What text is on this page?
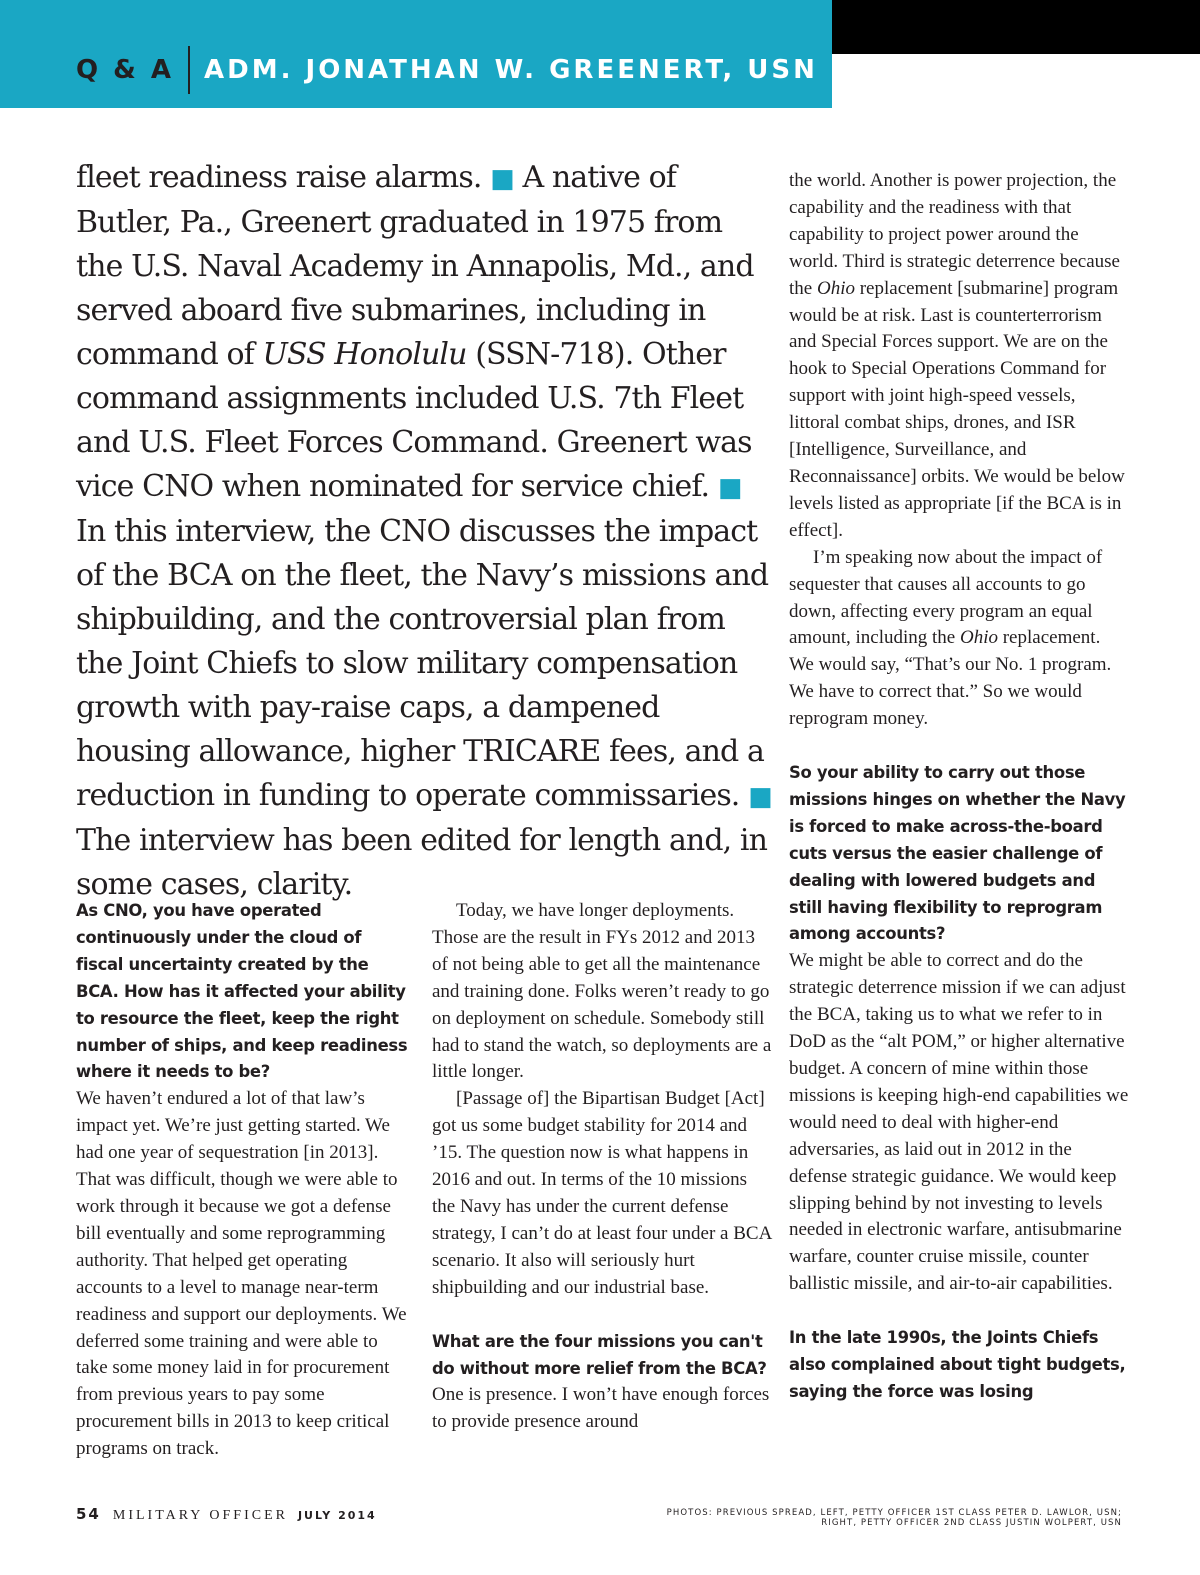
Q & A ADM. JONATHAN W. GREENERT, USN

fleet readiness raise alarms. ■ A native of Butler, Pa., Greenert graduated in 1975 from the U.S. Naval Academy in Annapolis, Md., and served aboard five submarines, including in command of USS Honolulu (SSN-718). Other command assignments included U.S. 7th Fleet and U.S. Fleet Forces Command. Greenert was vice CNO when nominated for service chief. ■ In this interview, the CNO discusses the impact of the BCA on the fleet, the Navy’s missions and shipbuilding, and the controversial plan from the Joint Chiefs to slow military compensation growth with pay-raise caps, a dampened housing allowance, higher TRICARE fees, and a reduction in funding to operate commissaries. ■ The interview has been edited for length and, in some cases, clarity.

As CNO, you have operated continuously under the cloud of fiscal uncertainty created by the BCA. How has it affected your ability to resource the fleet, keep the right number of ships, and keep readiness where it needs to be?

We haven’t endured a lot of that law’s impact yet. We’re just getting started. We had one year of sequestration [in 2013]. That was difficult, though we were able to work through it because we got a defense bill eventually and some reprogramming authority. That helped get operating accounts to a level to manage near-term readiness and support our deployments. We deferred some training and were able to take some money laid in for procurement from previous years to pay some procurement bills in 2013 to keep critical programs on track.

Today, we have longer deployments. Those are the result in FYs 2012 and 2013 of not being able to get all the maintenance and training done. Folks weren’t ready to go on deployment on schedule. Somebody still had to stand the watch, so deployments are a little longer.

[Passage of] the Bipartisan Budget [Act] got us some budget stability for 2014 and ’15. The question now is what happens in 2016 and out. In terms of the 10 missions the Navy has under the current defense strategy, I can’t do at least four under a BCA scenario. It also will seriously hurt shipbuilding and our industrial base.

What are the four missions you can't do without more relief from the BCA?

One is presence. I won’t have enough forces to provide presence around

the world. Another is power projection, the capability and the readiness with that capability to project power around the world. Third is strategic deterrence because the Ohio replacement [submarine] program would be at risk. Last is counterterrorism and Special Forces support. We are on the hook to Special Operations Command for support with joint high-speed vessels, littoral combat ships, drones, and ISR [Intelligence, Surveillance, and Reconnaissance] orbits. We would be below levels listed as appropriate [if the BCA is in effect].

I’m speaking now about the impact of sequester that causes all accounts to go down, affecting every program an equal amount, including the Ohio replacement. We would say, “That’s our No. 1 program. We have to correct that.” So we would reprogram money.

So your ability to carry out those missions hinges on whether the Navy is forced to make across-the-board cuts versus the easier challenge of dealing with lowered budgets and still having flexibility to reprogram among accounts?

We might be able to correct and do the strategic deterrence mission if we can adjust the BCA, taking us to what we refer to in DoD as the “alt POM,” or higher alternative budget. A concern of mine within those missions is keeping high-end capabilities we would need to deal with higher-end adversaries, as laid out in 2012 in the defense strategic guidance. We would keep slipping behind by not investing to levels needed in electronic warfare, antisubmarine warfare, counter cruise missile, counter ballistic missile, and air-to-air capabilities.

In the late 1990s, the Joints Chiefs also complained about tight budgets, saying the force was losing

54 MILITARY OFFICER JULY 2014	PHOTOS: PREVIOUS SPREAD, LEFT, PETTY OFFICER 1ST CLASS PETER D. LAWLOR, USN; RIGHT, PETTY OFFICER 2ND CLASS JUSTIN WOLPERT, USN
